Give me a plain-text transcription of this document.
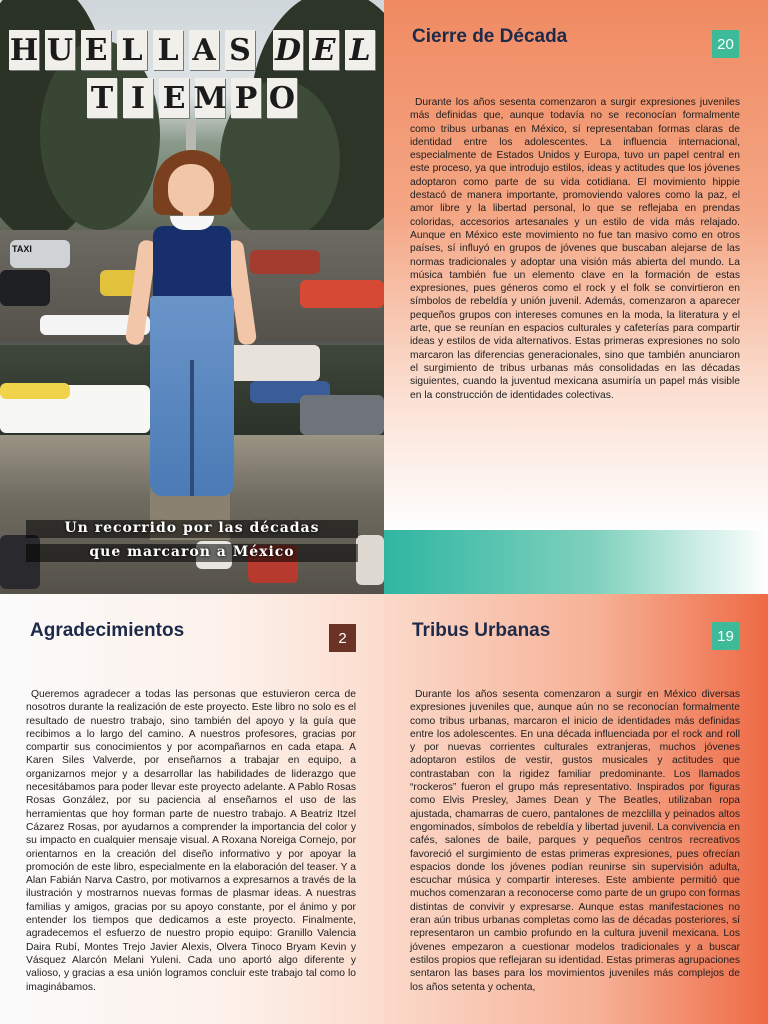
TAXI
H U E L L A S D E L
T I E M P O
Un recorrido por las décadas
que marcaron a México
Cierre de Década	20

Durante los años sesenta comenzaron a surgir expresiones juveniles más definidas que, aunque todavía no se reconocían formalmente como tribus urbanas en México, sí representaban formas claras de identidad entre los adolescentes. La influencia internacional, especialmente de Estados Unidos y Europa, tuvo un papel central en este proceso, ya que introdujo estilos, ideas y actitudes que los jóvenes adoptaron como parte de su vida cotidiana. El movimiento hippie destacó de manera importante, promoviendo valores como la paz, el amor libre y la libertad personal, lo que se reflejaba en prendas coloridas, accesorios artesanales y un estilo de vida más relajado. Aunque en México este movimiento no fue tan masivo como en otros países, sí influyó en grupos de jóvenes que buscaban alejarse de las normas tradicionales y adoptar una visión más abierta del mundo. La música también fue un elemento clave en la formación de estas expresiones, pues géneros como el rock y el folk se convirtieron en símbolos de rebeldía y unión juvenil. Además, comenzaron a aparecer pequeños grupos con intereses comunes en la moda, la literatura y el arte, que se reunían en espacios culturales y cafeterías para compartir ideas y estilos de vida alternativos. Estas primeras expresiones no solo marcaron las diferencias generacionales, sino que también anunciaron el surgimiento de tribus urbanas más consolidadas en las décadas siguientes, cuando la juventud mexicana asumiría un papel más visible en la construcción de identidades colectivas.

Agradecimientos	2

Queremos agradecer a todas las personas que estuvieron cerca de nosotros durante la realización de este proyecto. Este libro no solo es el resultado de nuestro trabajo, sino también del apoyo y la guía que recibimos a lo largo del camino. A nuestros profesores, gracias por compartir sus conocimientos y por acompañarnos en cada etapa. A Karen Siles Valverde, por enseñarnos a trabajar en equipo, a organizarnos mejor y a desarrollar las habilidades de liderazgo que necesitábamos para poder llevar este proyecto adelante. A Pablo Rosas Rosas González, por su paciencia al enseñarnos el uso de las herramientas que hoy forman parte de nuestro trabajo. A Beatriz Itzel Cázarez Rosas, por ayudarnos a comprender la importancia del color y su impacto en cualquier mensaje visual. A Roxana Noreiga Cornejo, por orientarnos en la creación del diseño informativo y por apoyar la promoción de este libro, especialmente en la elaboración del teaser. Y a Alan Fabián Narva Castro, por motivarnos a expresarnos a través de la ilustración y mostrarnos nuevas formas de plasmar ideas. A nuestras familias y amigos, gracias por su apoyo constante, por el ánimo y por entender los tiempos que dedicamos a este proyecto. Finalmente, agradecemos el esfuerzo de nuestro propio equipo: Granillo Valencia Daira Rubí, Montes Trejo Javier Alexis, Olvera Tinoco Bryam Kevin y Vásquez Alarcón Melani Yuleni. Cada uno aportó algo diferente y valioso, y gracias a esa unión logramos concluir este trabajo tal como lo imaginábamos.

Tribus Urbanas	19

Durante los años sesenta comenzaron a surgir en México diversas expresiones juveniles que, aunque aún no se reconocían formalmente como tribus urbanas, marcaron el inicio de identidades más definidas entre los adolescentes. En una década influenciada por el rock and roll y por nuevas corrientes culturales extranjeras, muchos jóvenes adoptaron estilos de vestir, gustos musicales y actitudes que contrastaban con la rigidez familiar predominante. Los llamados “rockeros” fueron el grupo más representativo. Inspirados por figuras como Elvis Presley, James Dean y The Beatles, utilizaban ropa ajustada, chamarras de cuero, pantalones de mezclilla y peinados altos engominados, símbolos de rebeldía y libertad juvenil. La convivencia en cafés, salones de baile, parques y pequeños centros recreativos favoreció el surgimiento de estas primeras expresiones, pues ofrecían espacios donde los jóvenes podían reunirse sin supervisión adulta, escuchar música y compartir intereses. Este ambiente permitió que muchos comenzaran a reconocerse como parte de un grupo con formas distintas de convivir y expresarse. Aunque estas manifestaciones no eran aún tribus urbanas completas como las de décadas posteriores, sí representaron un cambio profundo en la cultura juvenil mexicana. Los jóvenes empezaron a cuestionar modelos tradicionales y a buscar estilos propios que reflejaran su identidad. Estas primeras agrupaciones sentaron las bases para los movimientos juveniles más complejos de los años setenta y ochenta,
